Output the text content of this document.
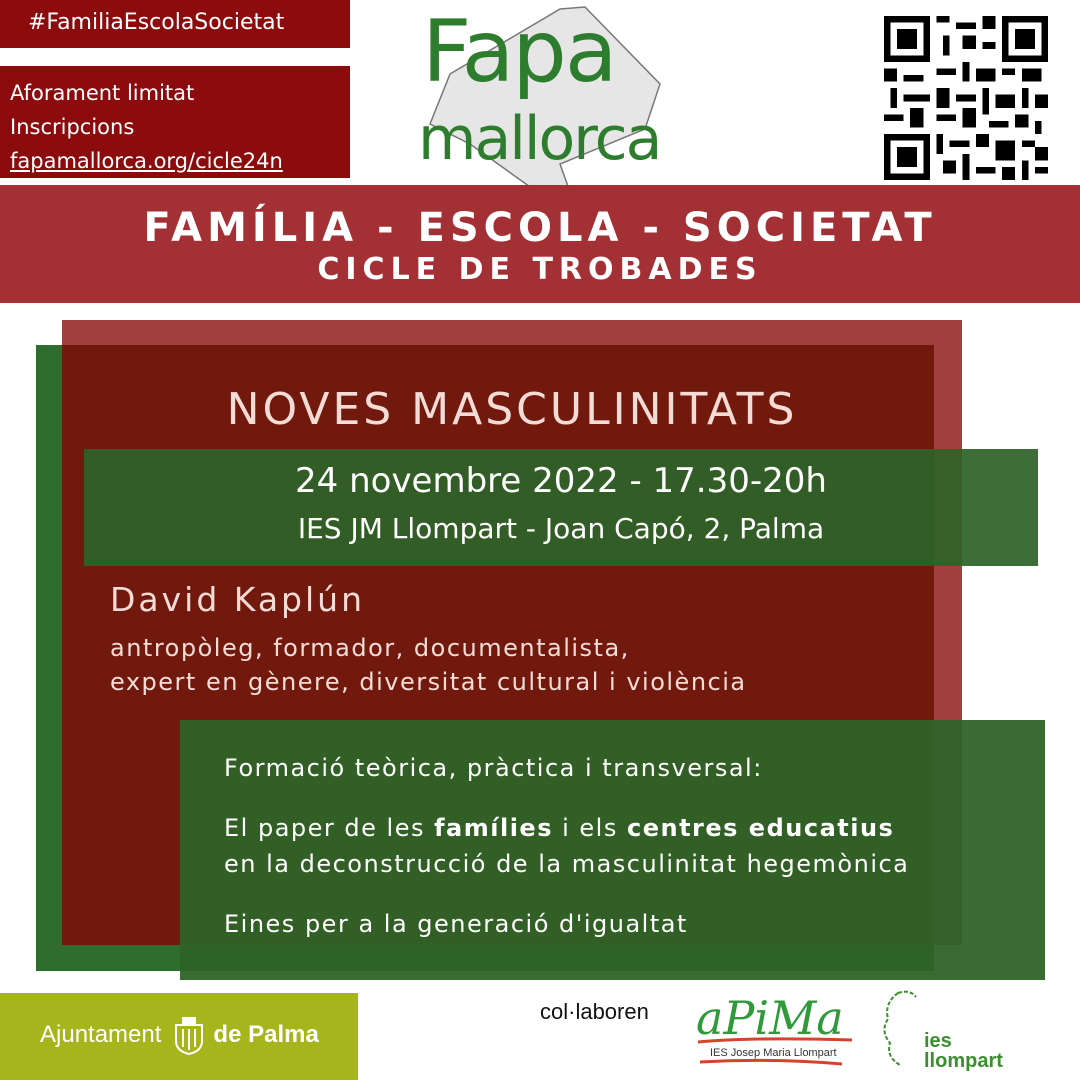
#FamiliaEscolaSocietat
Aforament limitat
Inscripcions
fapamallorca.org/cicle24n
Fapa
mallorca
FAMÍLIA - ESCOLA - SOCIETAT
CICLE DE TROBADES
NOVES MASCULINITATS
24 novembre 2022 - 17.30-20h
IES JM Llompart - Joan Capó, 2, Palma
David Kaplún
antropòleg, formador, documentalista,
expert en gènere, diversitat cultural i violència
Formació teòrica, pràctica i transversal:
El paper de les famílies i els centres educatius
en la deconstrucció de la masculinitat hegemònica
Eines per a la generació d'igualtat
Ajuntament de Palma
col·laboren aPiMa
IES Josep Maria Llompart
ies
llompart
